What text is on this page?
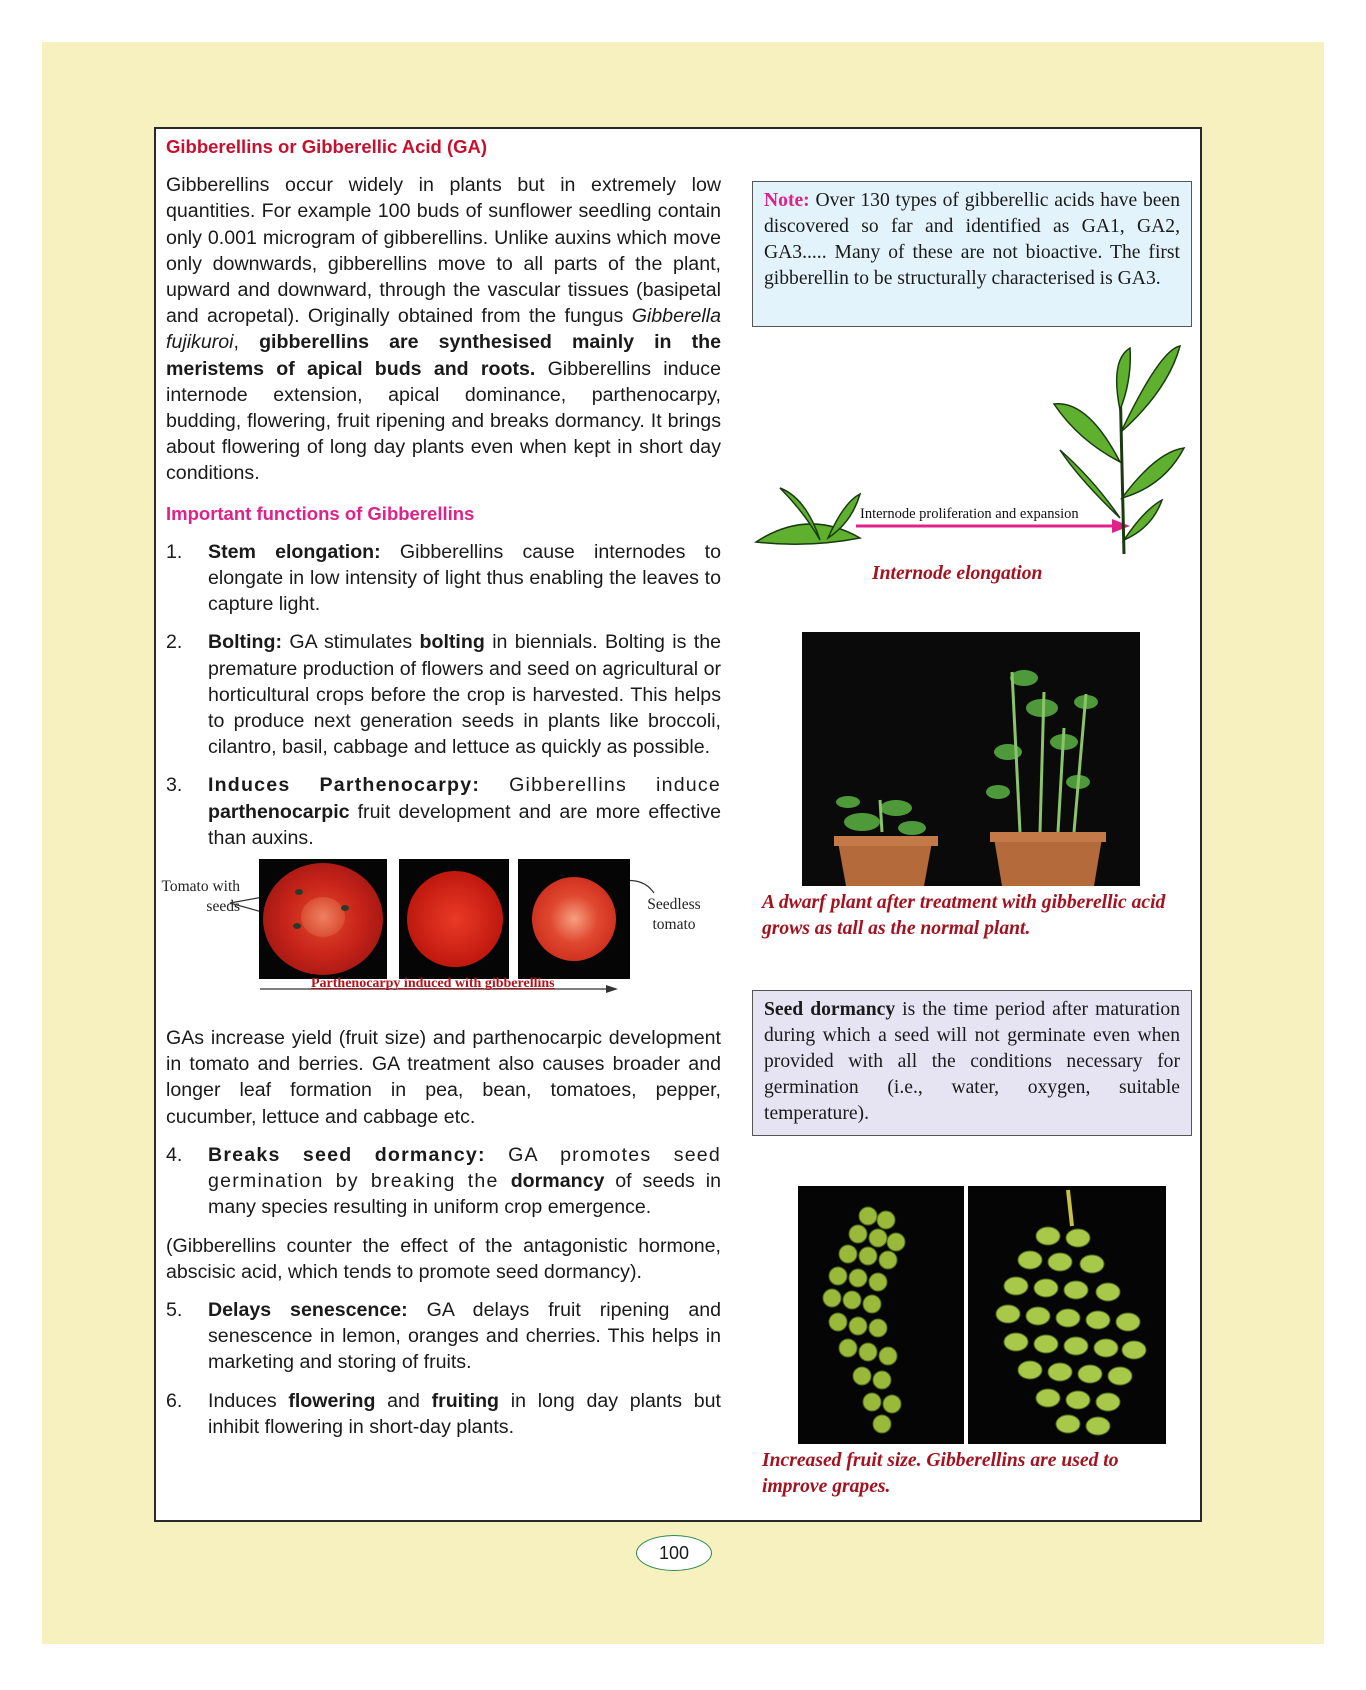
Gibberellins or Gibberellic Acid (GA)

Gibberellins occur widely in plants but in extremely low quantities. For example 100 buds of sunflower seedling contain only 0.001 microgram of gibberellins. Unlike auxins which move only downwards, gibberellins move to all parts of the plant, upward and downward, through the vascular tissues (basipetal and acropetal). Originally obtained from the fungus Gibberella fujikuroi, gibberellins are synthesised mainly in the meristems of apical buds and roots. Gibberellins induce internode extension, apical dominance, parthenocarpy, budding, flowering, fruit ripening and breaks dormancy. It brings about flowering of long day plants even when kept in short day conditions.

Important functions of Gibberellins
1.	Stem elongation: Gibberellins cause internodes to elongate in low intensity of light thus enabling the leaves to capture light.
2.	Bolting: GA stimulates bolting in biennials. Bolting is the premature production of flowers and seed on agricultural or horticultural crops before the crop is harvested. This helps to produce next generation seeds in plants like broccoli, cilantro, basil, cabbage and lettuce as quickly as possible.
3.	Induces Parthenocarpy: Gibberellins induce parthenocarpic fruit development and are more effective than auxins.
Tomato with
seeds	Seedless
tomato
Parthenocarpy induced with gibberellins

GAs increase yield (fruit size) and parthenocarpic development in tomato and berries. GA treatment also causes broader and longer leaf formation in pea, bean, tomatoes, pepper, cucumber, lettuce and cabbage etc.

4.	Breaks seed dormancy: GA promotes seed germination by breaking the dormancy of seeds in many species resulting in uniform crop emergence.

(Gibberellins counter the effect of the antagonistic hormone, abscisic acid, which tends to promote seed dormancy).

5.	Delays senescence: GA delays fruit ripening and senescence in lemon, oranges and cherries. This helps in marketing and storing of fruits.
6.	Induces flowering and fruiting in long day plants but inhibit flowering in short-day plants.
Note: Over 130 types of gibberellic acids have been discovered so far and identified as GA1, GA2, GA3..... Many of these are not bioactive. The first gibberellin to be structurally characterised is GA3.
Internode proliferation and expansion
Internode elongation
A dwarf plant after treatment with gibberellic acid grows as tall as the normal plant.
Seed dormancy is the time period after maturation during which a seed will not germinate even when provided with all the conditions necessary for germination (i.e., water, oxygen, suitable temperature).
Increased fruit size. Gibberellins are used to improve grapes.
100
